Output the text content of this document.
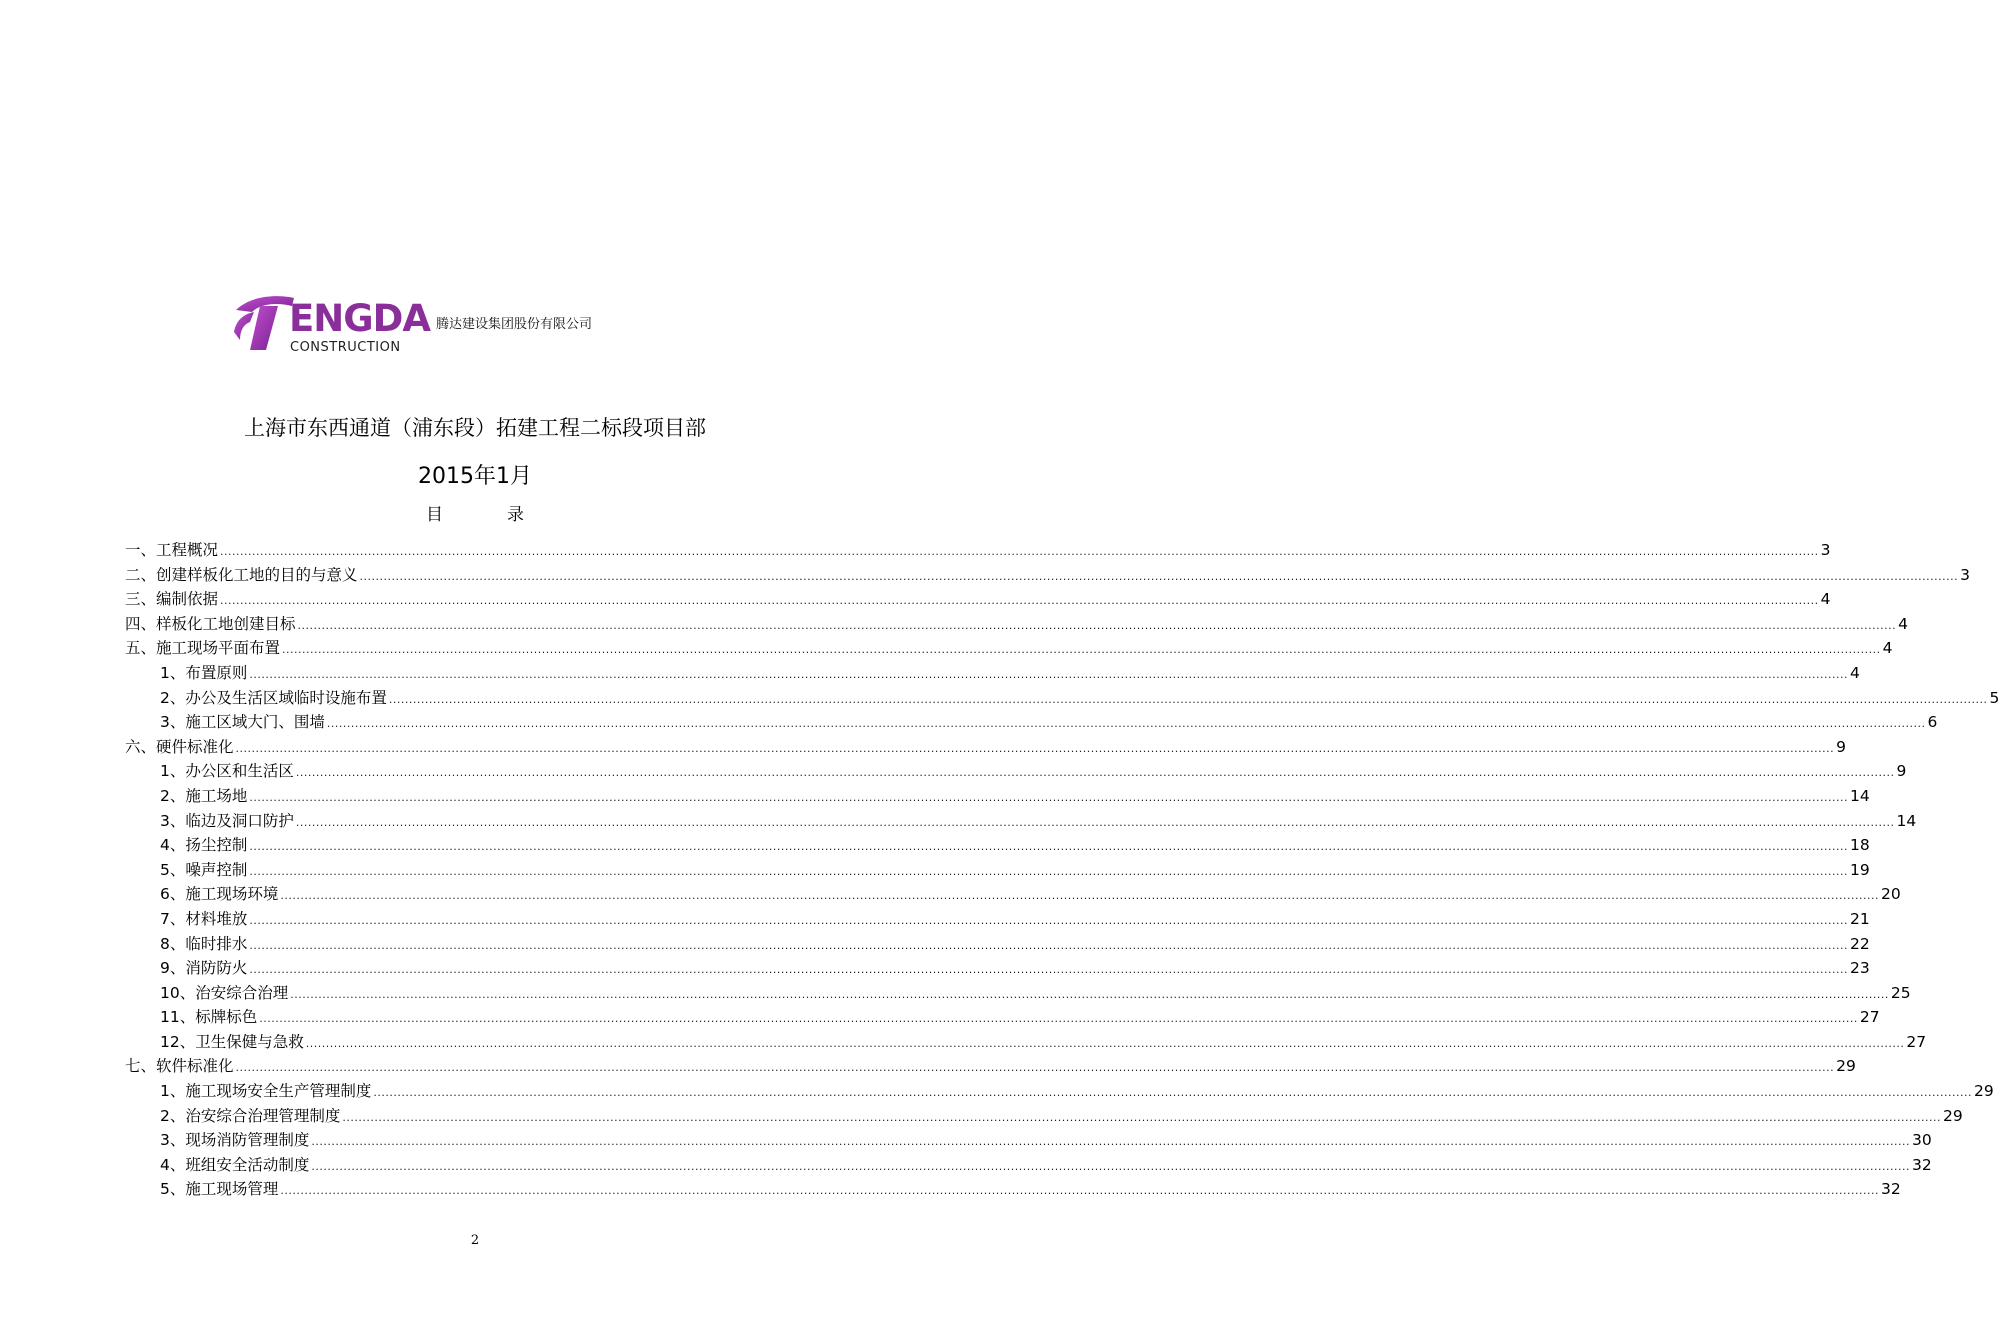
ENGDA
CONSTRUCTION
腾达建设集团股份有限公司
上海市东西通道（浦东段）拓建工程二标段项目部
2015年1月
目	录
一、工程概况 ................................................................................................................................................................................................................................................................................................................................................................................................................ 3
二、创建样板化工地的目的与意义 ................................................................................................................................................................................................................................................................................................................................................................................................................ 3
三、编制依据 ................................................................................................................................................................................................................................................................................................................................................................................................................ 4
四、样板化工地创建目标 ................................................................................................................................................................................................................................................................................................................................................................................................................ 4
五、施工现场平面布置 ................................................................................................................................................................................................................................................................................................................................................................................................................ 4
1、布置原则 ................................................................................................................................................................................................................................................................................................................................................................................................................ 4
2、办公及生活区域临时设施布置 ................................................................................................................................................................................................................................................................................................................................................................................................................ 5
3、施工区域大门、围墙 ................................................................................................................................................................................................................................................................................................................................................................................................................ 6
六、硬件标准化 ................................................................................................................................................................................................................................................................................................................................................................................................................ 9
1、办公区和生活区 ................................................................................................................................................................................................................................................................................................................................................................................................................ 9
2、施工场地 ................................................................................................................................................................................................................................................................................................................................................................................................................ 14
3、临边及洞口防护 ................................................................................................................................................................................................................................................................................................................................................................................................................ 14
4、扬尘控制 ................................................................................................................................................................................................................................................................................................................................................................................................................ 18
5、噪声控制 ................................................................................................................................................................................................................................................................................................................................................................................................................ 19
6、施工现场环境 ................................................................................................................................................................................................................................................................................................................................................................................................................ 20
7、材料堆放 ................................................................................................................................................................................................................................................................................................................................................................................................................ 21
8、临时排水 ................................................................................................................................................................................................................................................................................................................................................................................................................ 22
9、消防防火 ................................................................................................................................................................................................................................................................................................................................................................................................................ 23
10、治安综合治理 ................................................................................................................................................................................................................................................................................................................................................................................................................ 25
11、标牌标色 ................................................................................................................................................................................................................................................................................................................................................................................................................ 27
12、卫生保健与急救 ................................................................................................................................................................................................................................................................................................................................................................................................................ 27
七、软件标准化 ................................................................................................................................................................................................................................................................................................................................................................................................................ 29
1、施工现场安全生产管理制度 ................................................................................................................................................................................................................................................................................................................................................................................................................ 29
2、治安综合治理管理制度 ................................................................................................................................................................................................................................................................................................................................................................................................................ 29
3、现场消防管理制度 ................................................................................................................................................................................................................................................................................................................................................................................................................ 30
4、班组安全活动制度 ................................................................................................................................................................................................................................................................................................................................................................................................................ 32
5、施工现场管理 ................................................................................................................................................................................................................................................................................................................................................................................................................ 32
2
